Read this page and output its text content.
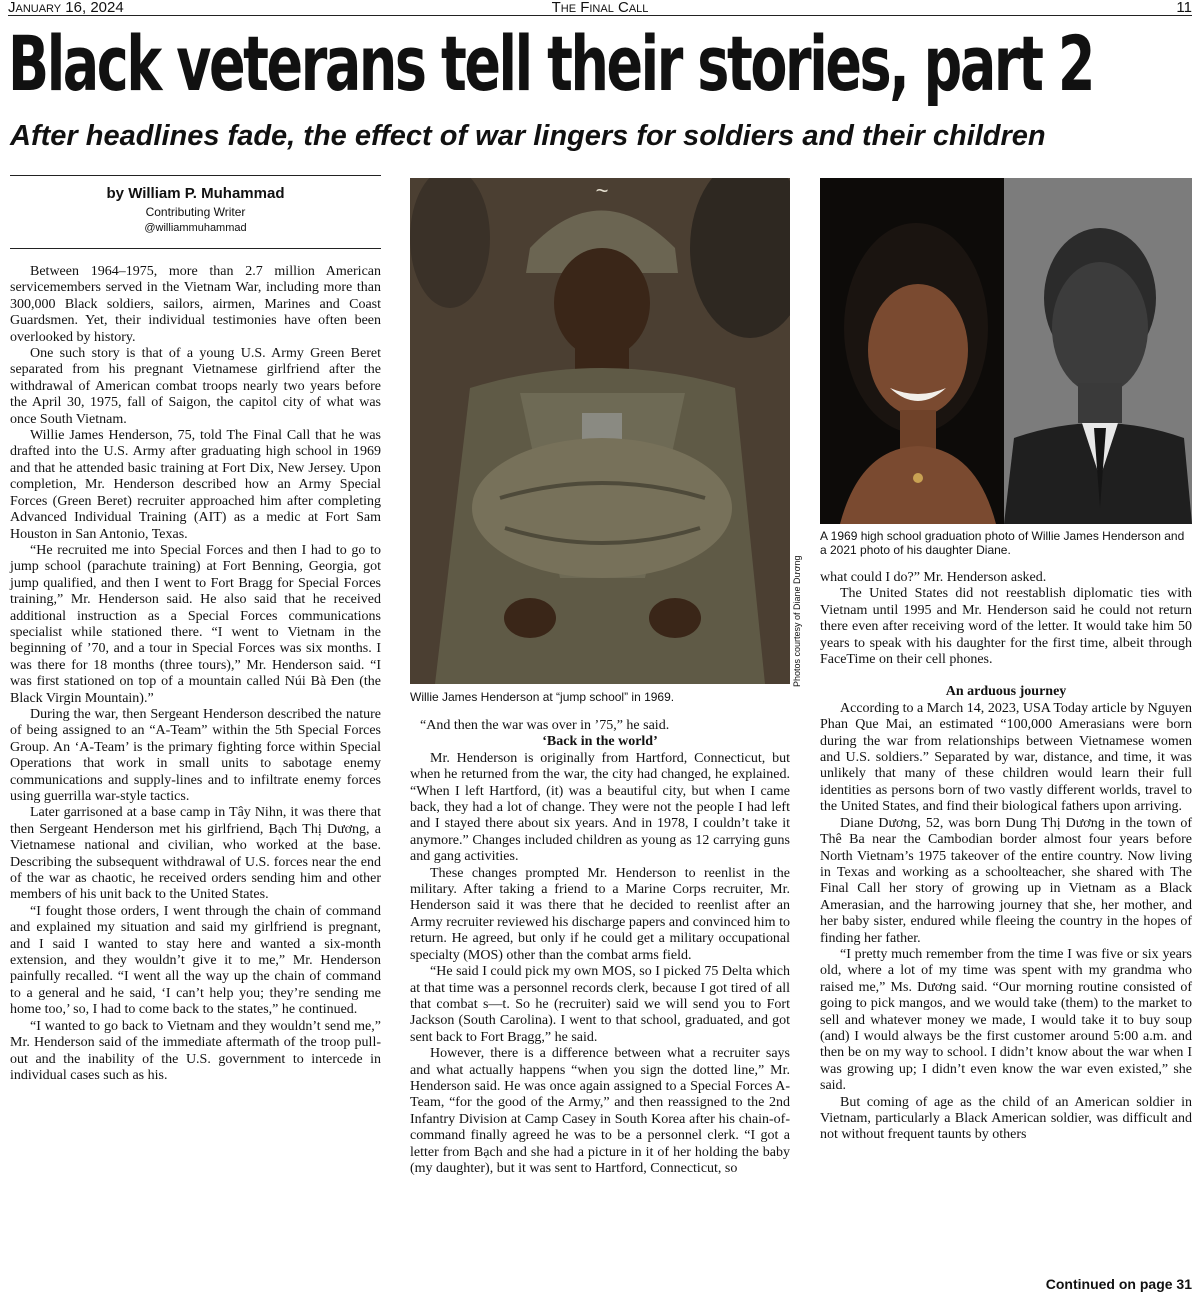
January 16, 2024	The Final Call	11
Black veterans tell their stories, part 2
After headlines fade, the effect of war lingers for soldiers and their children
by William P. Muhammad
Contributing Writer
@williammuhammad

Between 1964–1975, more than 2.7 million American servicemembers served in the Vietnam War, including more than 300,000 Black soldiers, sailors, airmen, Marines and Coast Guardsmen. Yet, their individual testimonies have often been overlooked by history.

One such story is that of a young U.S. Army Green Beret separated from his pregnant Vietnamese girlfriend after the withdrawal of American combat troops nearly two years before the April 30, 1975, fall of Saigon, the capitol city of what was once South Vietnam.

Willie James Henderson, 75, told The Final Call that he was drafted into the U.S. Army after graduating high school in 1969 and that he attended basic training at Fort Dix, New Jersey. Upon completion, Mr. Henderson described how an Army Special Forces (Green Beret) recruiter approached him after completing Advanced Individual Training (AIT) as a medic at Fort Sam Houston in San Antonio, Texas.

“He recruited me into Special Forces and then I had to go to jump school (parachute training) at Fort Benning, Georgia, got jump qualified, and then I went to Fort Bragg for Special Forces training,” Mr. Henderson said. He also said that he received additional instruction as a Special Forces communications specialist while stationed there. “I went to Vietnam in the beginning of ’70, and a tour in Special Forces was six months. I was there for 18 months (three tours),” Mr. Henderson said. “I was first stationed on top of a mountain called Núi Bà Đen (the Black Virgin Mountain).”

During the war, then Sergeant Henderson described the nature of being assigned to an “A-Team” within the 5th Special Forces Group. An ‘A-Team’ is the primary fighting force within Special Operations that work in small units to sabotage enemy communications and supply-lines and to infiltrate enemy forces using guerrilla war-style tactics.

Later garrisoned at a base camp in Tây Nihn, it was there that then Sergeant Henderson met his girlfriend, Bạch Thị Dương, a Vietnamese national and civilian, who worked at the base. Describing the subsequent withdrawal of U.S. forces near the end of the war as chaotic, he received orders sending him and other members of his unit back to the United States.

“I fought those orders, I went through the chain of command and explained my situation and said my girlfriend is pregnant, and I said I wanted to stay here and wanted a six-month extension, and they wouldn’t give it to me,” Mr. Henderson painfully recalled. “I went all the way up the chain of command to a general and he said, ‘I can’t help you; they’re sending me home too,’ so, I had to come back to the states,” he continued.

“I wanted to go back to Vietnam and they wouldn’t send me,” Mr. Henderson said of the immediate aftermath of the troop pull-out and the inability of the U.S. government to intercede in individual cases such as his.

~
Willie James Henderson at “jump school” in 1969.
A 1969 high school graduation photo of Willie James Henderson and a 2021 photo of his daughter Diane.
Photos courtesy of Diane Dương

“And then the war was over in ’75,” he said.

‘Back in the world’

Mr. Henderson is originally from Hartford, Connecticut, but when he returned from the war, the city had changed, he explained. “When I left Hartford, (it) was a beautiful city, but when I came back, they had a lot of change. They were not the people I had left and I stayed there about six years. And in 1978, I couldn’t take it anymore.” Changes included children as young as 12 carrying guns and gang activities.

These changes prompted Mr. Henderson to reenlist in the military. After taking a friend to a Marine Corps recruiter, Mr. Henderson said it was there that he decided to reenlist after an Army recruiter reviewed his discharge papers and convinced him to return. He agreed, but only if he could get a military occupational specialty (MOS) other than the combat arms field.

“He said I could pick my own MOS, so I picked 75 Delta which at that time was a personnel records clerk, because I got tired of all that combat s—t. So he (recruiter) said we will send you to Fort Jackson (South Carolina). I went to that school, graduated, and got sent back to Fort Bragg,” he said.

However, there is a difference between what a recruiter says and what actually happens “when you sign the dotted line,” Mr. Henderson said. He was once again assigned to a Special Forces A-Team, “for the good of the Army,” and then reassigned to the 2nd Infantry Division at Camp Casey in South Korea after his chain-of-command finally agreed he was to be a personnel clerk. “I got a letter from Bạch and she had a picture in it of her holding the baby (my daughter), but it was sent to Hartford, Connecticut, so

what could I do?” Mr. Henderson asked.

The United States did not reestablish diplomatic ties with Vietnam until 1995 and Mr. Henderson said he could not return there even after receiving word of the letter. It would take him 50 years to speak with his daughter for the first time, albeit through FaceTime on their cell phones.

An arduous journey

According to a March 14, 2023, USA Today article by Nguyen Phan Que Mai, an estimated “100,000 Amerasians were born during the war from relationships between Vietnamese women and U.S. soldiers.” Separated by war, distance, and time, it was unlikely that many of these children would learn their full identities as persons born of two vastly different worlds, travel to the United States, and find their biological fathers upon arriving.

Diane Dương, 52, was born Dung Thị Dương in the town of Thê Ba near the Cambodian border almost four years before North Vietnam’s 1975 takeover of the entire country. Now living in Texas and working as a schoolteacher, she shared with The Final Call her story of growing up in Vietnam as a Black Amerasian, and the harrowing journey that she, her mother, and her baby sister, endured while fleeing the country in the hopes of finding her father.

“I pretty much remember from the time I was five or six years old, where a lot of my time was spent with my grandma who raised me,” Ms. Dương said. “Our morning routine consisted of going to pick mangos, and we would take (them) to the market to sell and whatever money we made, I would take it to buy soup (and) I would always be the first customer around 5:00 a.m. and then be on my way to school. I didn’t know about the war when I was growing up; I didn’t even know the war even existed,” she said.

But coming of age as the child of an American soldier in Vietnam, particularly a Black American soldier, was difficult and not without frequent taunts by others

Continued on page 31
